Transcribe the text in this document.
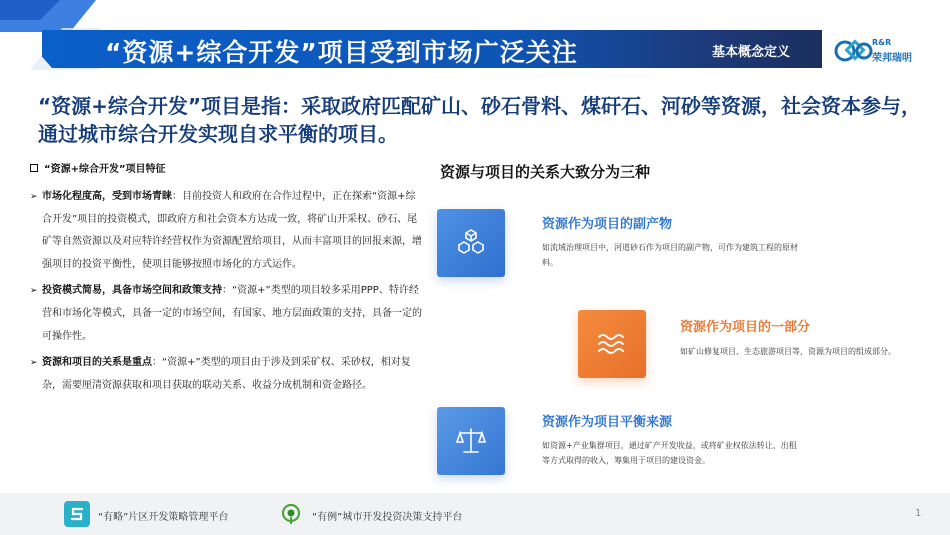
“资源+综合开发”项目受到市场广泛关注	基本概念定义
R&R
荣邦瑞明
“资源+综合开发”项目是指：采取政府匹配矿山、砂石骨料、煤矸石、河砂等资源，社会资本参与，通过城市综合开发实现自求平衡的项目。
“资源+综合开发”项目特征
➢ 市场化程度高，受到市场青睐：目前投资人和政府在合作过程中，正在探索“资源+综合开发”项目的投资模式，即政府方和社会资本方达成一致，将矿山开采权、砂石、尾矿等自然资源以及对应特许经营权作为资源配置给项目，从而丰富项目的回报来源，增强项目的投资平衡性，使项目能够按照市场化的方式运作。
➢ 投资模式简易，具备市场空间和政策支持：“资源+”类型的项目较多采用PPP、特许经营和市场化等模式，具备一定的市场空间，有国家、地方层面政策的支持，具备一定的可操作性。
➢ 资源和项目的关系是重点：“资源+”类型的项目由于涉及到采矿权、采砂权，相对复杂，需要厘清资源获取和项目获取的联动关系、收益分成机制和资金路径。
资源与项目的关系大致分为三种
资源作为项目的副产物
如流域治理项目中，河道砂石作为项目的副产物，可作为建筑工程的原材料。
资源作为项目的一部分
如矿山修复项目、生态旅游项目等，资源为项目的组成部分。
资源作为项目平衡来源
如资源+产业集群项目，通过矿产开发收益，或将矿业权依法转让、出租等方式取得的收入，筹集用于项目的建设资金。
“有略”片区开发策略管理平台	“有例”城市开发投资决策支持平台	1
